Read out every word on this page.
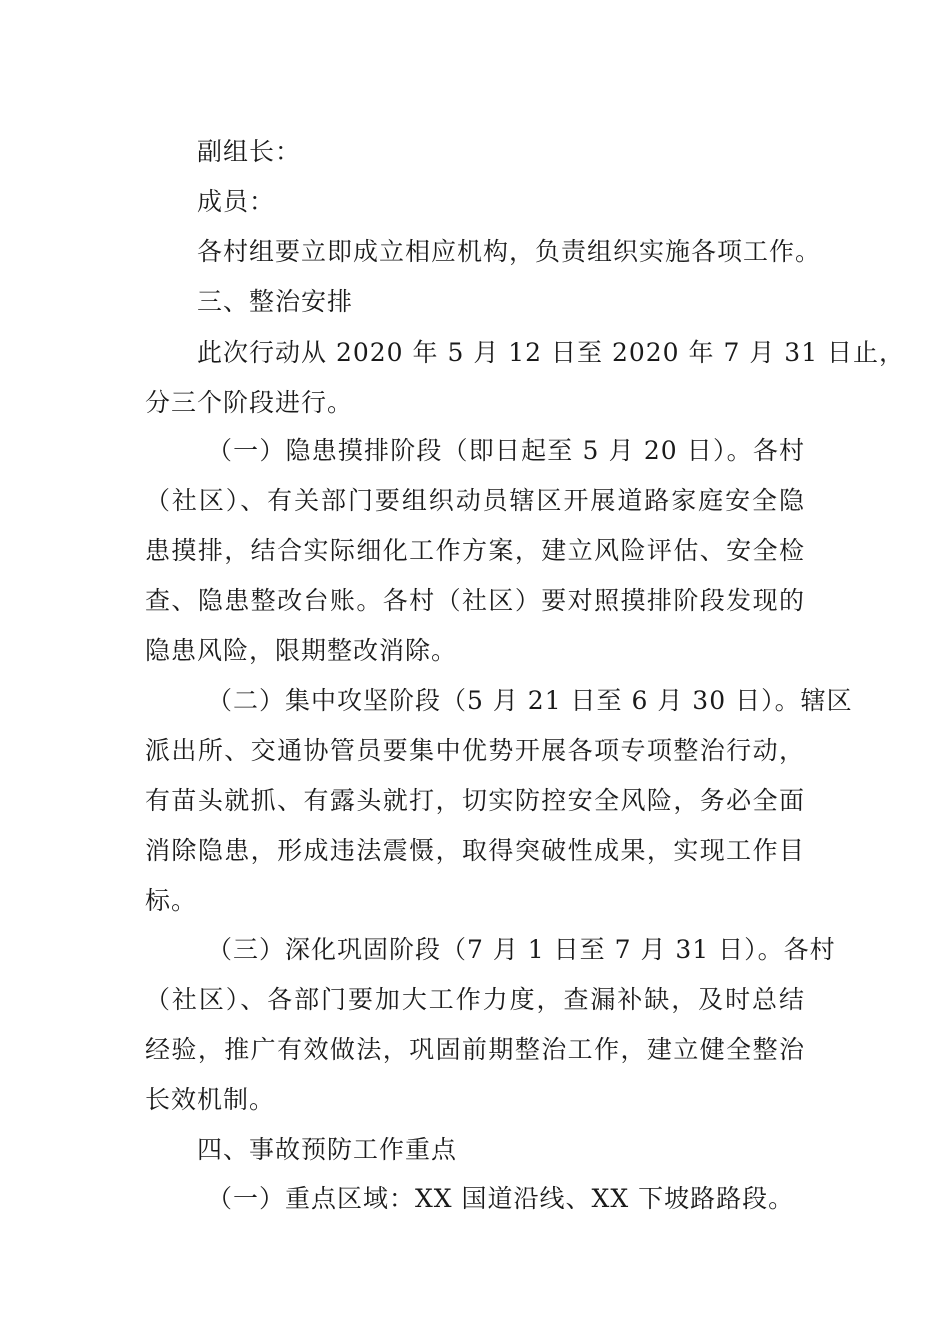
副组长：
成员：
各村组要立即成立相应机构，负责组织实施各项工作。
三、整治安排
此次行动从 2020 年 5 月 12 日至 2020 年 7 月 31 日止，
分三个阶段进行。
（一）隐患摸排阶段（即日起至 5 月 20 日）。各村
（社区）、有关部门要组织动员辖区开展道路家庭安全隐
患摸排，结合实际细化工作方案，建立风险评估、安全检
查、隐患整改台账。各村（社区）要对照摸排阶段发现的
隐患风险，限期整改消除。
（二）集中攻坚阶段（5 月 21 日至 6 月 30 日）。辖区
派出所、交通协管员要集中优势开展各项专项整治行动，
有苗头就抓、有露头就打，切实防控安全风险，务必全面
消除隐患，形成违法震慑，取得突破性成果，实现工作目
标。
（三）深化巩固阶段（7 月 1 日至 7 月 31 日）。各村
（社区）、各部门要加大工作力度，查漏补缺，及时总结
经验，推广有效做法，巩固前期整治工作，建立健全整治
长效机制。
四、事故预防工作重点
（一）重点区域：XX 国道沿线、XX 下坡路路段。
